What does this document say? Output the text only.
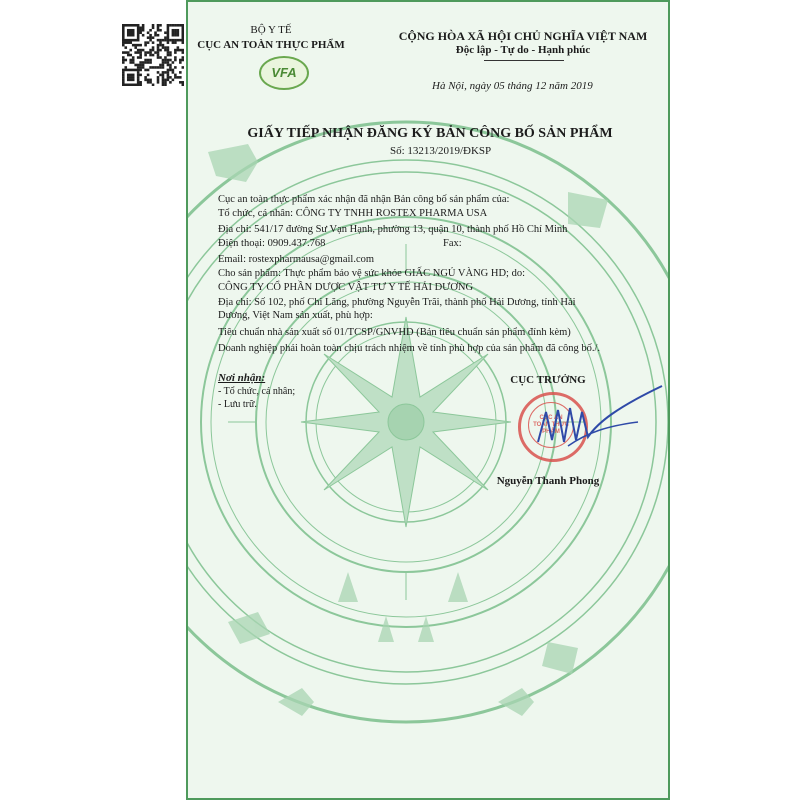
BỘ Y TẾ
CỤC AN TOÀN THỰC PHẨM
VFA
CỘNG HÒA XÃ HỘI CHỦ NGHĨA VIỆT NAM
Độc lập - Tự do - Hạnh phúc
Hà Nội, ngày 05 tháng 12 năm 2019
GIẤY TIẾP NHẬN ĐĂNG KÝ BẢN CÔNG BỐ SẢN PHẨM
Số: 13213/2019/ĐKSP
Cục an toàn thực phẩm xác nhận đã nhận Bản công bố sản phẩm của:
Tổ chức, cá nhân: CÔNG TY TNHH ROSTEX PHARMA USA
Địa chỉ: 541/17 đường Sư Vạn Hạnh, phường 13, quận 10, thành phố Hồ Chí Minh
Điện thoại: 0909.437.768	Fax:
Email: rostexpharmausa@gmail.com
Cho sản phẩm: Thực phẩm bảo vệ sức khỏe GIẤC NGỦ VÀNG HD; do:
CÔNG TY CỔ PHẦN DƯỢC VẬT TƯ Y TẾ HẢI DƯƠNG
Địa chỉ: Số 102, phố Chi Lăng, phường Nguyễn Trãi, thành phố Hải Dương, tỉnh Hải
Dương, Việt Nam sản xuất, phù hợp:
Tiêu chuẩn nhà sản xuất số 01/TCSP/GNVHD (Bản tiêu chuẩn sản phẩm đính kèm)
Doanh nghiệp phải hoàn toàn chịu trách nhiệm về tính phù hợp của sản phẩm đã công bố./.
Nơi nhận:
- Tổ chức, cá nhân;
- Lưu trữ.
CỤC TRƯỞNG
CỤC AN TOÀN THỰC PHẨM
Nguyễn Thanh Phong
